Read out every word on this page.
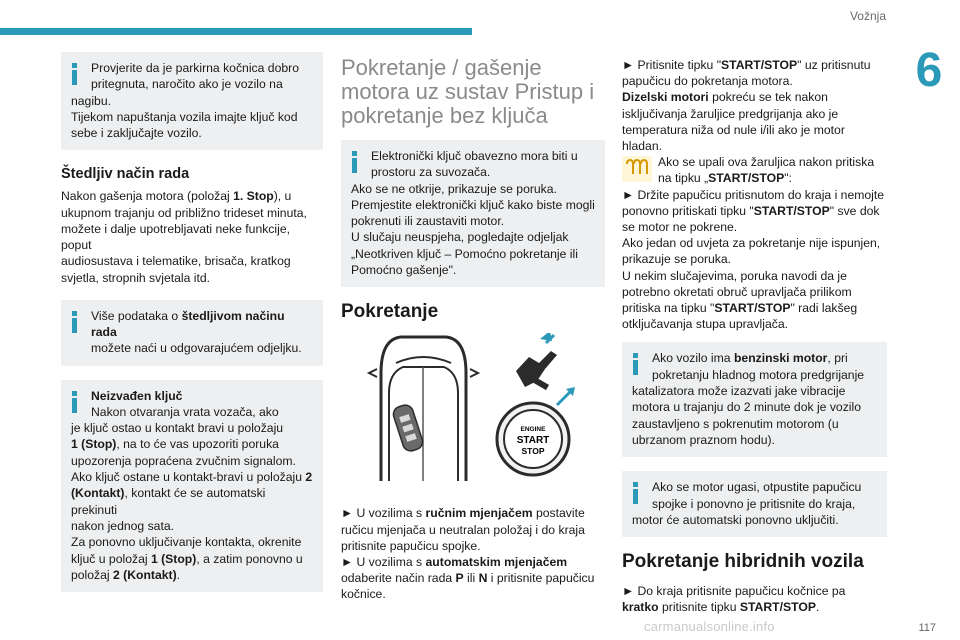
Vožnja
6

Provjerite da je parkirna kočnica dobro

pritegnuta, naročito ako je vozilo na

nagibu.

Tijekom napuštanja vozila imajte ključ kod

sebe i zaključajte vozilo.

Štedljiv način rada

Nakon gašenja motora (položaj 1. Stop), u

ukupnom trajanju od približno trideset minuta,

možete i dalje upotrebljavati neke funkcije, poput

audiosustava i telematike, brisača, kratkog

svjetla, stropnih svjetala itd.

Više podataka o štedljivom načinu rada

možete naći u odgovarajućem odjeljku.

Neizvađen ključ

Nakon otvaranja vrata vozača, ako

je ključ ostao u kontakt bravi u položaju

1 (Stop), na to će vas upozoriti poruka

upozorenja popraćena zvučnim signalom.

Ako ključ ostane u kontakt-bravi u položaju 2

(Kontakt), kontakt će se automatski prekinuti

nakon jednog sata.

Za ponovno uključivanje kontakta, okrenite

ključ u položaj 1 (Stop), a zatim ponovno u

položaj 2 (Kontakt).

Pokretanje / gašenje
motora uz sustav Pristup i
pokretanje bez ključa

Elektronički ključ obavezno mora biti u

prostoru za suvozača.

Ako se ne otkrije, prikazuje se poruka.

Premjestite elektronički ključ kako biste mogli

pokrenuti ili zaustaviti motor.

U slučaju neuspjeha, pogledajte odjeljak

„Neotkriven ključ – Pomoćno pokretanje ili

Pomoćno gašenje".

Pokretanje
ENGINE
START
STOP

► U vozilima s ručnim mjenjačem postavite

ručicu mjenjača u neutralan položaj i do kraja

pritisnite papučicu spojke.

► U vozilima s automatskim mjenjačem

odaberite način rada P ili N i pritisnite papučicu

kočnice.

► Pritisnite tipku "START/STOP" uz pritisnutu

papučicu do pokretanja motora.

Dizelski motori pokreću se tek nakon

isključivanja žaruljice predgrijanja ako je

temperatura niža od nule i/ili ako je motor

hladan.

Ako se upali ova žaruljica nakon pritiska

na tipku „START/STOP":

► Držite papučicu pritisnutom do kraja i nemojte

ponovno pritiskati tipku "START/STOP" sve dok

se motor ne pokrene.

Ako jedan od uvjeta za pokretanje nije ispunjen,

prikazuje se poruka.

U nekim slučajevima, poruka navodi da je

potrebno okretati obruč upravljača prilikom

pritiska na tipku "START/STOP" radi lakšeg

otključavanja stupa upravljača.

Ako vozilo ima benzinski motor, pri

pokretanju hladnog motora predgrijanje

katalizatora može izazvati jake vibracije

motora u trajanju do 2 minute dok je vozilo

zaustavljeno s pokrenutim motorom (u

ubrzanom praznom hodu).

Ako se motor ugasi, otpustite papučicu

spojke i ponovno je pritisnite do kraja,

motor će automatski ponovno uključiti.

Pokretanje hibridnih vozila

► Do kraja pritisnite papučicu kočnice pa

kratko pritisnite tipku START/STOP.

carmanualsonline.info	117
